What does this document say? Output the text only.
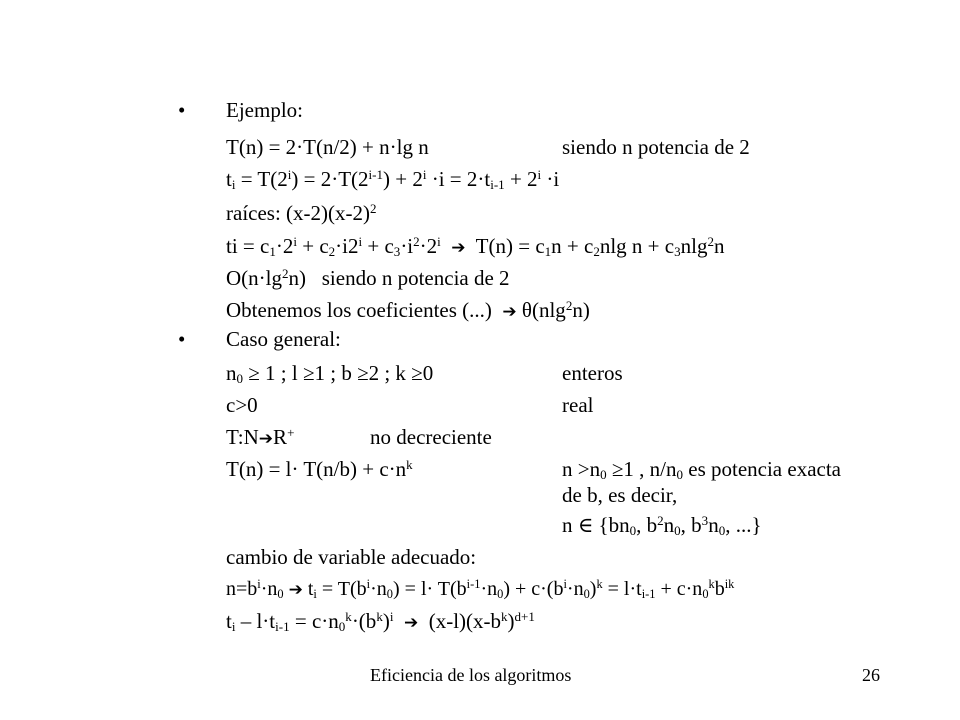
• Ejemplo:
T(n) = 2·T(n/2) + n·lg n	siendo n potencia de 2
$t_i = T(2^i) = 2\cdot T(2^{i-1}) + 2^i \cdot i = 2\cdot t_{i-1} + 2^i \cdot i$
raíces: $(x-2)(x-2)^2$
ti = $c_1\cdot 2^i + c_2\cdot i2^i + c_3\cdot i^2\cdot 2^i$ ➔ $T(n) = c_1n + c_2nlg$ $n + c_3nlg^2n$
$O(n\cdot\lg^2n)$   siendo n potencia de 2
Obtenemos los coeficientes (...) ➔ θ(nlg$^2$n)
• Caso general:
$n_0 \ge 1$ ; l ≥1 ; b ≥2 ; k ≥0	enteros
c>0	real
T:N➔R+	no decreciente
$T(n) = l\cdot T(n/b) + c\cdot n^k$	$n >n_0 \ge 1$ , $n/n_0$ es potencia exacta de b, es decir,
n ∈ {$bn_0$, $b^2n_0$, $b^3n_0$, ...}
cambio de variable adecuado:
$n=b^i\cdot n_0$ ➔ $t_i = T(b^i\cdot n_0) = l\cdot T(b^{i-1}\cdot n_0) + c\cdot(b^i\cdot n_0)^k = l\cdot t_{i-1} + c\cdot n_0^kb^{ik}$
$t_i - l\cdot t_{i-1} = c\cdot n_0^k\cdot(b^k)^i$ ➔ $(x-l)(x-b^k)^{d+1}$
Eficiencia de los algoritmos	26
